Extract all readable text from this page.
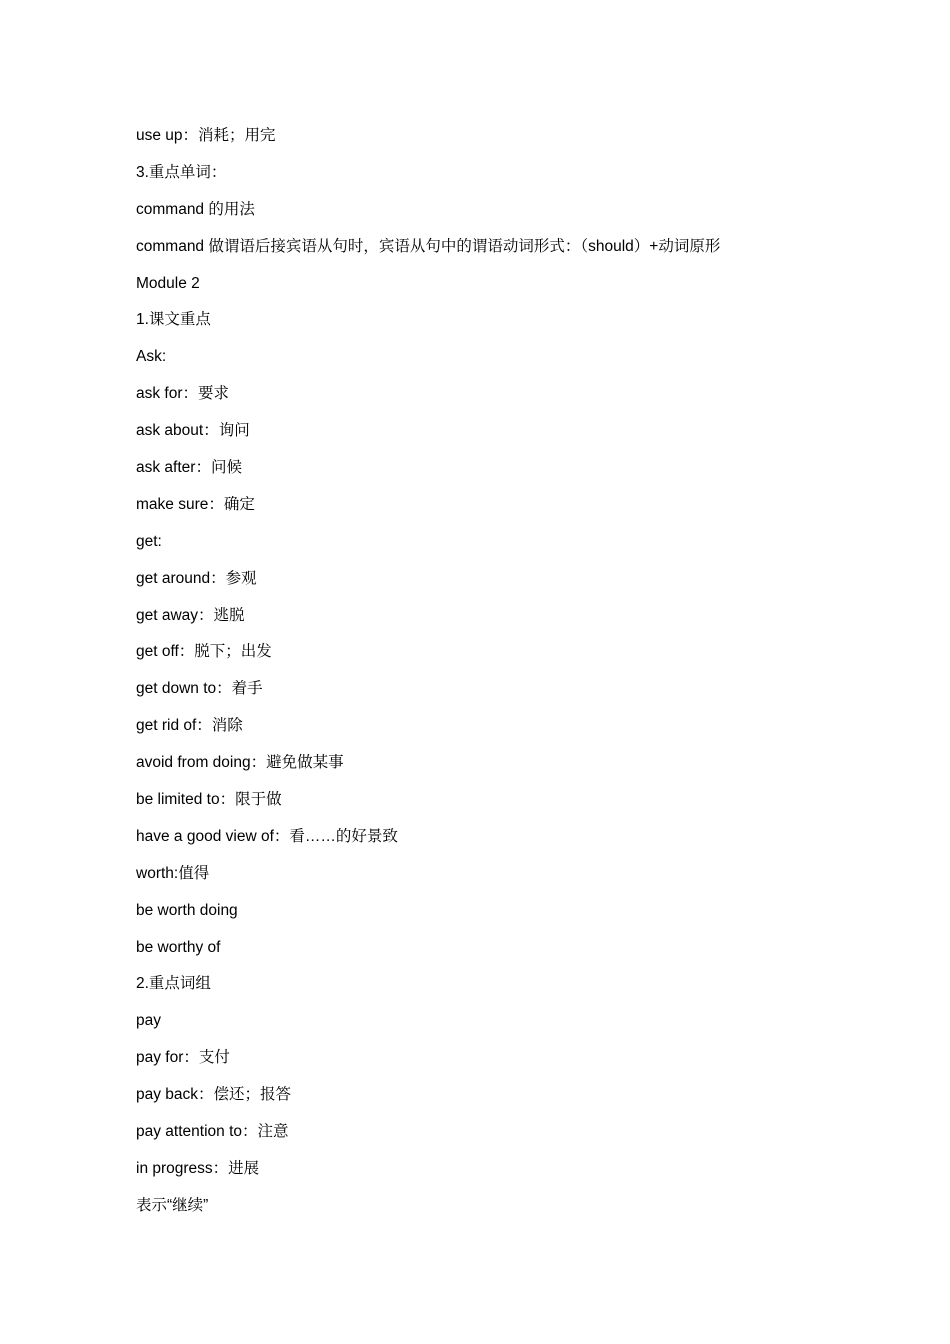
use up：消耗；用完
3.重点单词：
command 的用法
command 做谓语后接宾语从句时，宾语从句中的谓语动词形式：（should）+动词原形
Module 2
1.课文重点
Ask:
ask for：要求
ask about：询问
ask after：问候
make sure：确定
get:
get around：参观
get away：逃脱
get off：脱下；出发
get down to：着手
get rid of：消除
avoid from doing：避免做某事
be limited to：限于做
have a good view of：看……的好景致
worth:值得
be worth doing
be worthy of
2.重点词组
pay
pay for：支付
pay back：偿还；报答
pay attention to：注意
in progress：进展
表示“继续”
